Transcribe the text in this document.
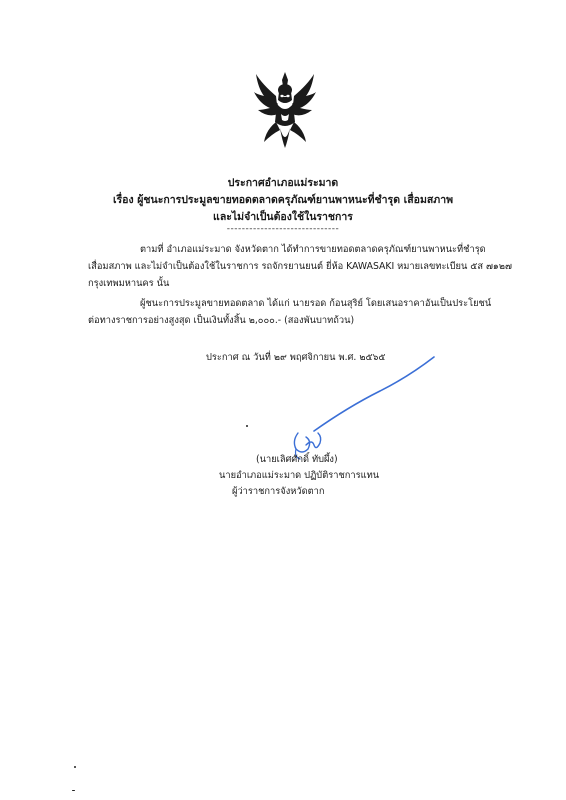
ประกาศอำเภอแม่ระมาด
เรื่อง ผู้ชนะการประมูลขายทอดตลาดครุภัณฑ์ยานพาหนะที่ชำรุด เสื่อมสภาพ
และไม่จำเป็นต้องใช้ในราชการ
------------------------------
ตามที่ อำเภอแม่ระมาด จังหวัดตาก ได้ทำการขายทอดตลาดครุภัณฑ์ยานพาหนะที่ชำรุด
เสื่อมสภาพ และไม่จำเป็นต้องใช้ในราชการ รถจักรยานยนต์ ยี่ห้อ KAWASAKI หมายเลขทะเบียน ๕ส ๗๑๒๗
กรุงเทพมหานคร นั้น
ผู้ชนะการประมูลขายทอดตลาด ได้แก่ นายรอด ก้อนสุริย์ โดยเสนอราคาอันเป็นประโยชน์
ต่อทางราชการอย่างสูงสุด เป็นเงินทั้งสิ้น ๒,๐๐๐.- (สองพันบาทถ้วน)
ประกาศ ณ วันที่ ๒๙ พฤศจิกายน พ.ศ. ๒๕๖๕
(นายเลิศศักดิ์ ทับผึ้ง)
นายอำเภอแม่ระมาด ปฏิบัติราชการแทน
ผู้ว่าราชการจังหวัดตาก
